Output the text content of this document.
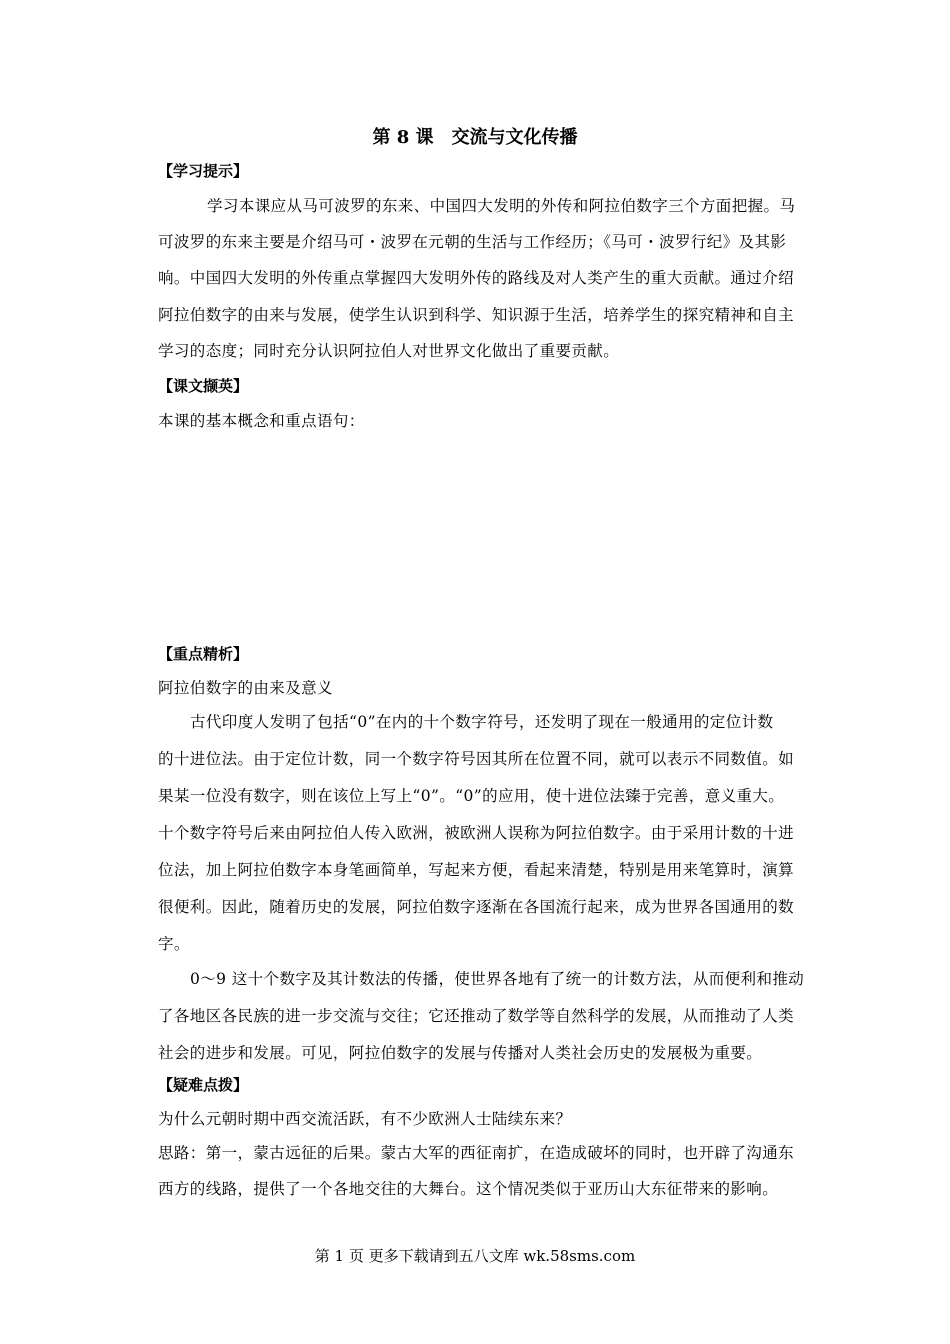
第 8 课　交流与文化传播
【学习提示】
学习本课应从马可波罗的东来、中国四大发明的外传和阿拉伯数字三个方面把握。马
可波罗的东来主要是介绍马可・波罗在元朝的生活与工作经历；《马可・波罗行纪》及其影
响。中国四大发明的外传重点掌握四大发明外传的路线及对人类产生的重大贡献。通过介绍
阿拉伯数字的由来与发展，使学生认识到科学、知识源于生活，培养学生的探究精神和自主
学习的态度；同时充分认识阿拉伯人对世界文化做出了重要贡献。
【课文撷英】
本课的基本概念和重点语句：
【重点精析】
阿拉伯数字的由来及意义
古代印度人发明了包括“0”在内的十个数字符号，还发明了现在一般通用的定位计数
的十进位法。由于定位计数，同一个数字符号因其所在位置不同，就可以表示不同数值。如
果某一位没有数字，则在该位上写上“0”。“0”的应用，使十进位法臻于完善，意义重大。
十个数字符号后来由阿拉伯人传入欧洲，被欧洲人误称为阿拉伯数字。由于采用计数的十进
位法，加上阿拉伯数字本身笔画简单，写起来方便，看起来清楚，特别是用来笔算时，演算
很便利。因此，随着历史的发展，阿拉伯数字逐渐在各国流行起来，成为世界各国通用的数
字。
0～9 这十个数字及其计数法的传播，使世界各地有了统一的计数方法，从而便利和推动
了各地区各民族的进一步交流与交往；它还推动了数学等自然科学的发展，从而推动了人类
社会的进步和发展。可见，阿拉伯数字的发展与传播对人类社会历史的发展极为重要。
【疑难点拨】
为什么元朝时期中西交流活跃，有不少欧洲人士陆续东来？
思路：第一，蒙古远征的后果。蒙古大军的西征南扩，在造成破坏的同时，也开辟了沟通东
西方的线路，提供了一个各地交往的大舞台。这个情况类似于亚历山大东征带来的影响。
第 1 页 更多下载请到五八文库 wk.58sms.com
